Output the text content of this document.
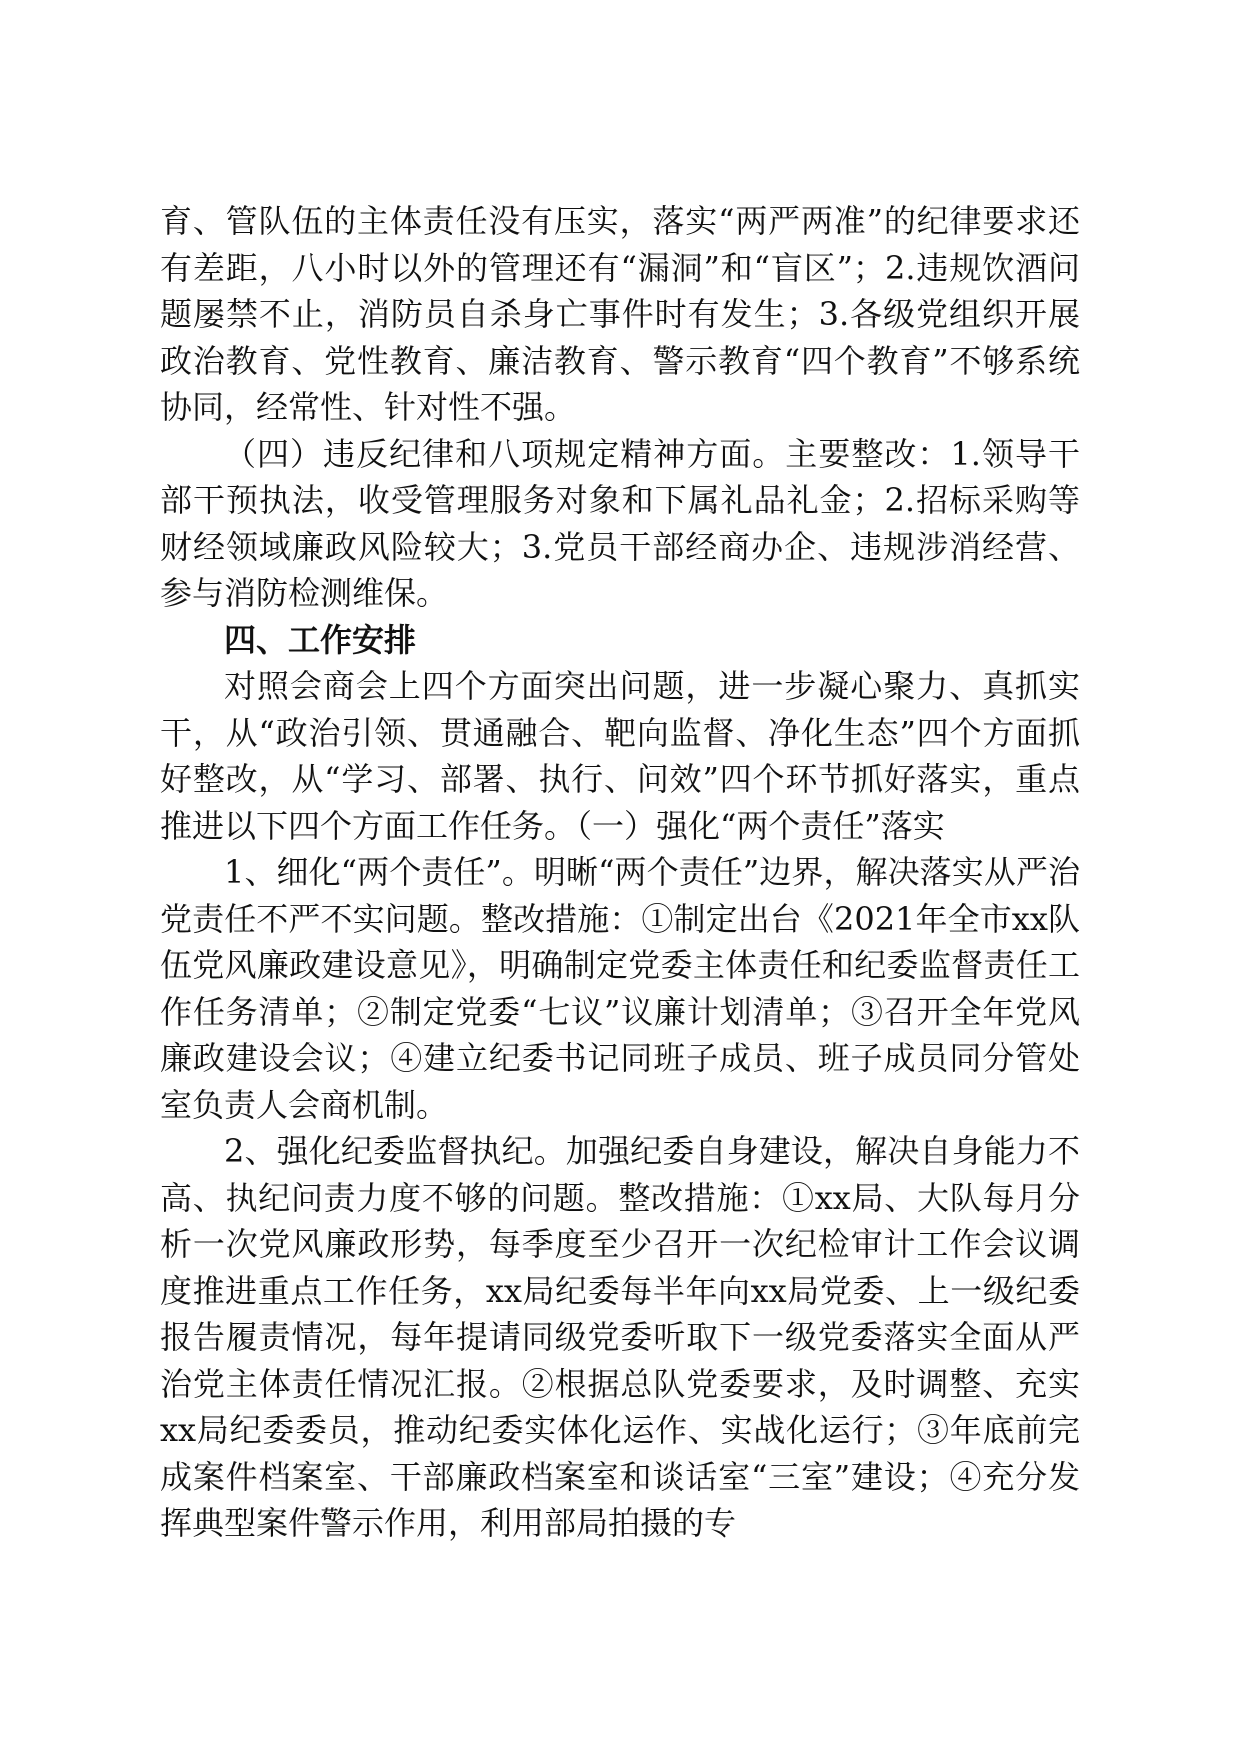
育、管队伍的主体责任没有压实，落实“两严两准”的纪律要求还有差距，八小时以外的管理还有“漏洞”和“盲区”；2.违规饮酒问题屡禁不止，消防员自杀身亡事件时有发生；3.各级党组织开展政治教育、党性教育、廉洁教育、警示教育“四个教育”不够系统协同，经常性、针对性不强。

（四）违反纪律和八项规定精神方面。主要整改：1.领导干部干预执法，收受管理服务对象和下属礼品礼金；2.招标采购等财经领域廉政风险较大；3.党员干部经商办企、违规涉消经营、参与消防检测维保。

四、工作安排

对照会商会上四个方面突出问题，进一步凝心聚力、真抓实干，从“政治引领、贯通融合、靶向监督、净化生态”四个方面抓好整改，从“学习、部署、执行、问效”四个环节抓好落实，重点推进以下四个方面工作任务。（一）强化“两个责任”落实

1、细化“两个责任”。明晰“两个责任”边界，解决落实从严治党责任不严不实问题。整改措施：①制定出台《2021年全市xx队伍党风廉政建设意见》，明确制定党委主体责任和纪委监督责任工作任务清单；②制定党委“七议”议廉计划清单；③召开全年党风廉政建设会议；④建立纪委书记同班子成员、班子成员同分管处室负责人会商机制。

2、强化纪委监督执纪。加强纪委自身建设，解决自身能力不高、执纪问责力度不够的问题。整改措施：①xx局、大队每月分析一次党风廉政形势，每季度至少召开一次纪检审计工作会议调度推进重点工作任务，xx局纪委每半年向xx局党委、上一级纪委报告履责情况，每年提请同级党委听取下一级党委落实全面从严治党主体责任情况汇报。②根据总队党委要求，及时调整、充实xx局纪委委员，推动纪委实体化运作、实战化运行；③年底前完成案件档案室、干部廉政档案室和谈话室“三室”建设；④充分发挥典型案件警示作用，利用部局拍摄的专
